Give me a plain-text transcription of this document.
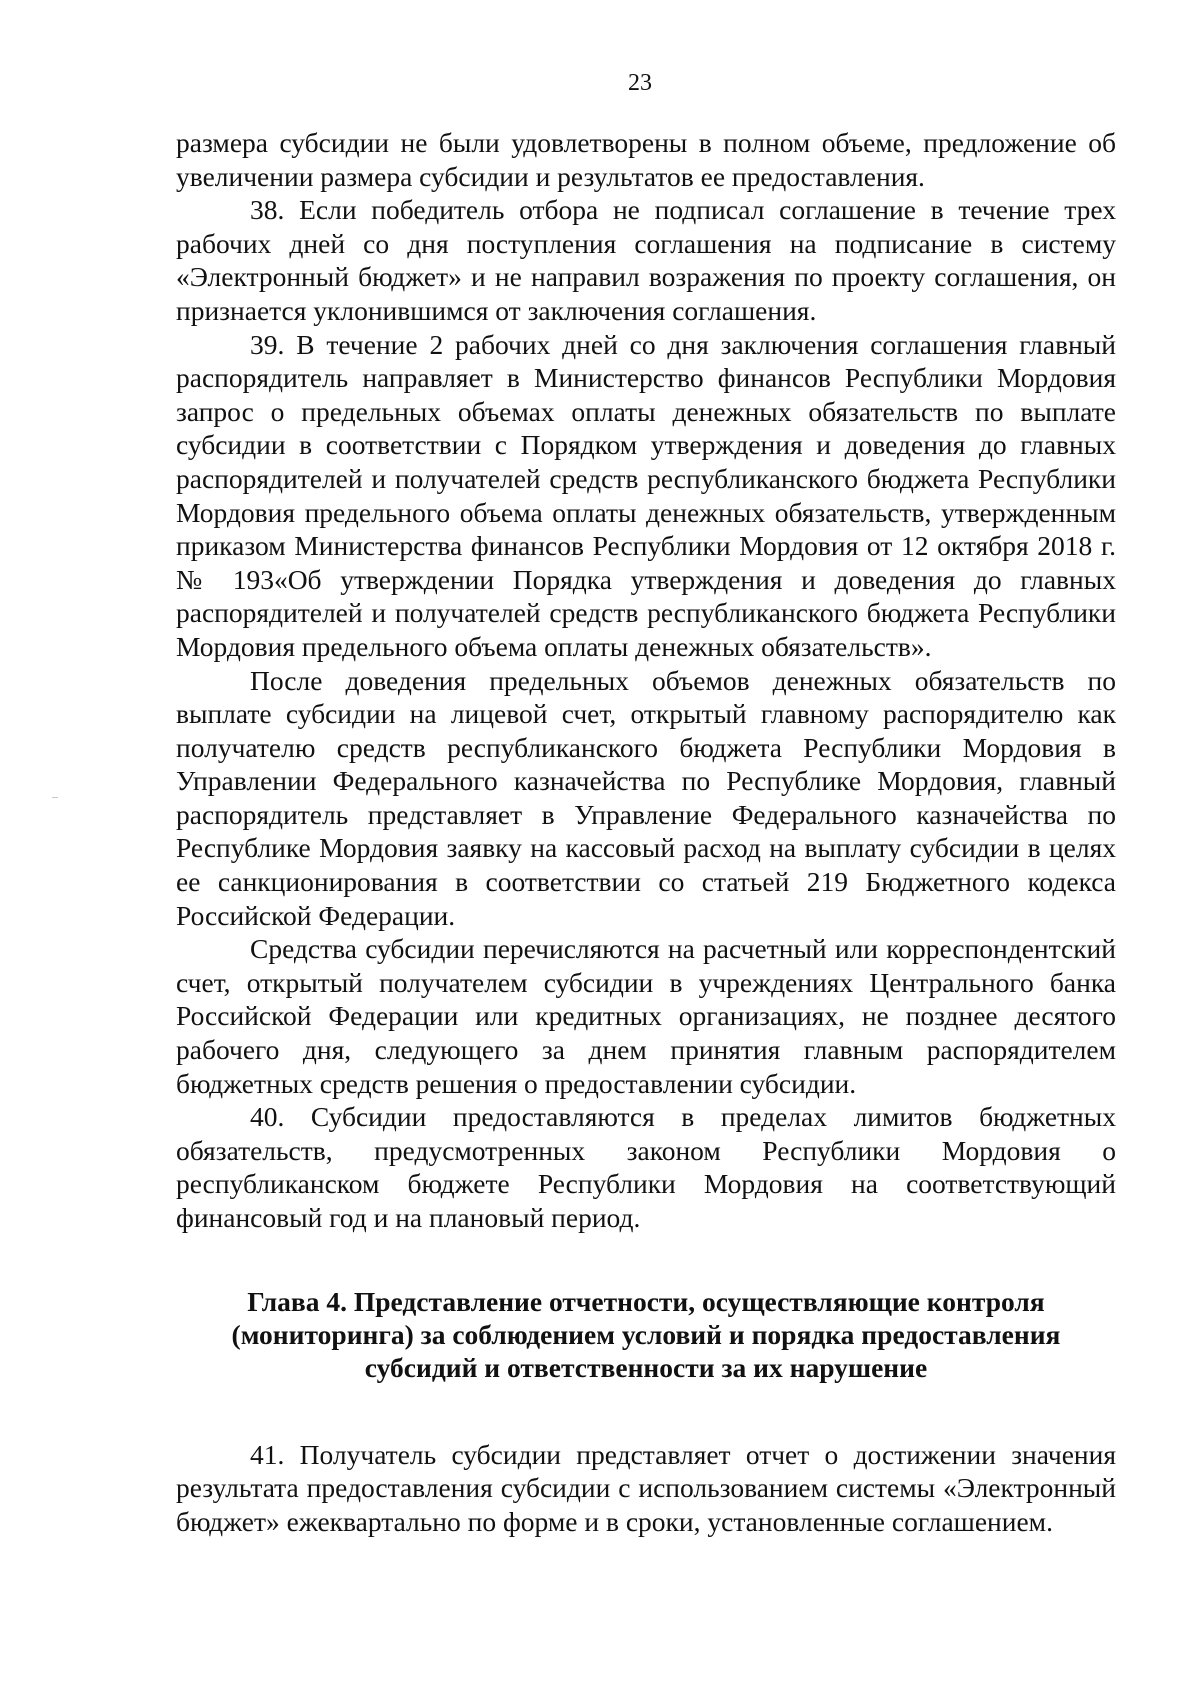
23

размера субсидии не были удовлетворены в полном объеме, предложение об увеличении размера субсидии и результатов ее предоставления.

38. Если победитель отбора не подписал соглашение в течение трех рабочих дней со дня поступления соглашения на подписание в систему «Электронный бюджет» и не направил возражения по проекту соглашения, он признается уклонившимся от заключения соглашения.

39. В течение 2 рабочих дней со дня заключения соглашения главный распорядитель направляет в Министерство финансов Республики Мордовия запрос о предельных объемах оплаты денежных обязательств по выплате субсидии в соответствии с Порядком утверждения и доведения до главных распорядителей и получателей средств республиканского бюджета Республики Мордовия предельного объема оплаты денежных обязательств, утвержденным приказом Министерства финансов Республики Мордовия от 12 октября 2018 г. № 193«Об утверждении Порядка утверждения и доведения до главных распорядителей и получателей средств республиканского бюджета Республики Мордовия предельного объема оплаты денежных обязательств».

После доведения предельных объемов денежных обязательств по выплате субсидии на лицевой счет, открытый главному распорядителю как получателю средств республиканского бюджета Республики Мордовия в Управлении Федерального казначейства по Республике Мордовия, главный распорядитель представляет в Управление Федерального казначейства по Республике Мордовия заявку на кассовый расход на выплату субсидии в целях ее санкционирования в соответствии со статьей 219 Бюджетного кодекса Российской Федерации.

Средства субсидии перечисляются на расчетный или корреспондентский счет, открытый получателем субсидии в учреждениях Центрального банка Российской Федерации или кредитных организациях, не позднее десятого рабочего дня, следующего за днем принятия главным распорядителем бюджетных средств решения о предоставлении субсидии.

40. Субсидии предоставляются в пределах лимитов бюджетных обязательств, предусмотренных законом Республики Мордовия о республиканском бюджете Республики Мордовия на соответствующий финансовый год и на плановый период.

Глава 4. Представление отчетности, осуществляющие контроля (мониторинга) за соблюдением условий и порядка предоставления субсидий и ответственности за их нарушение

41. Получатель субсидии представляет отчет о достижении значения результата предоставления субсидии с использованием системы «Электронный бюджет» ежеквартально по форме и в сроки, установленные соглашением.
